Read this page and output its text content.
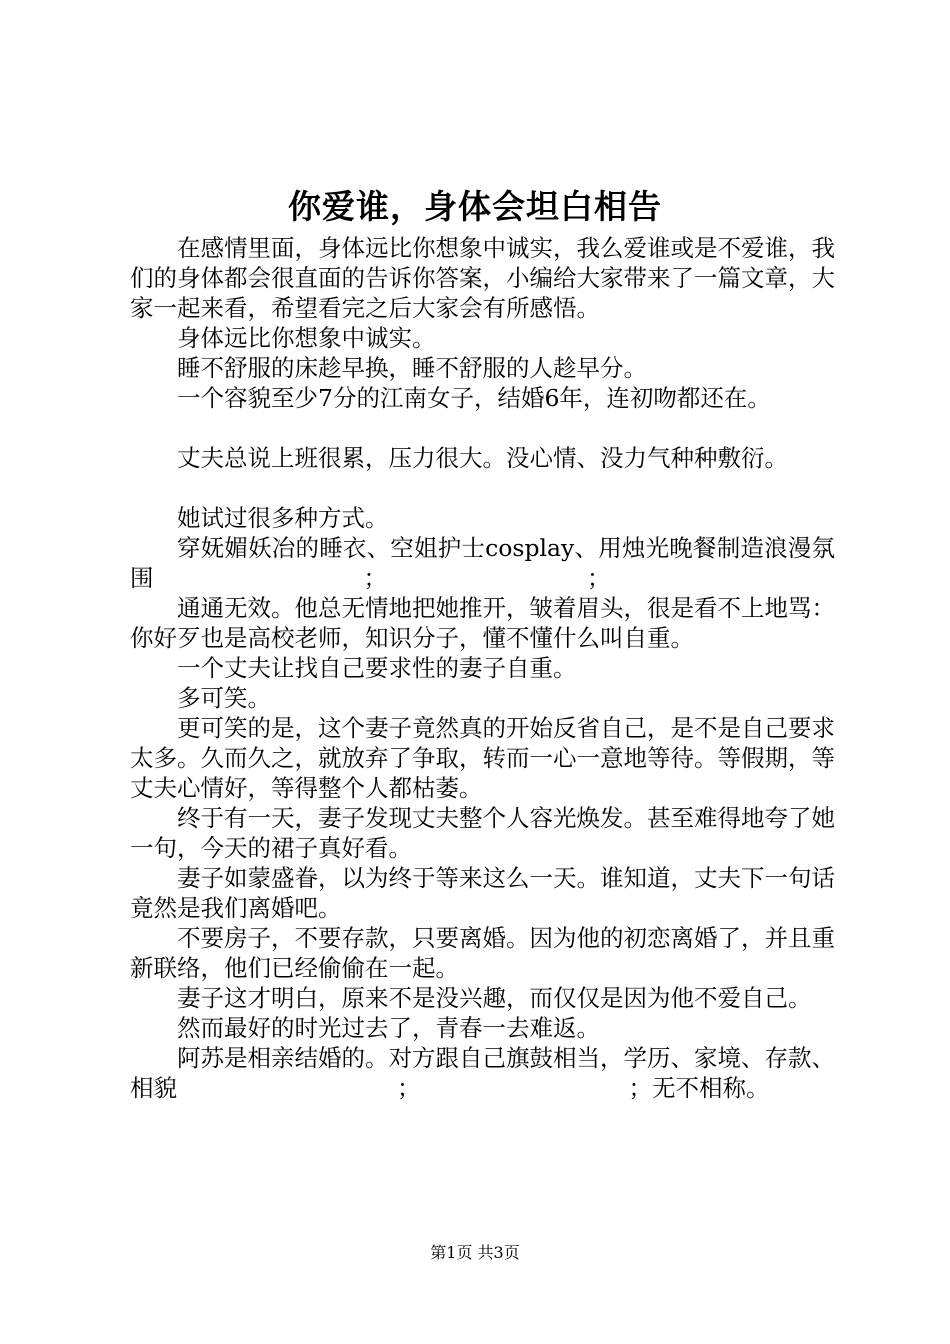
你爱谁，身体会坦白相告

在感情里面，身体远比你想象中诚实，我么爱谁或是不爱谁，我们的身体都会很直面的告诉你答案，小编给大家带来了一篇文章，大家一起来看，希望看完之后大家会有所感悟。

身体远比你想象中诚实。

睡不舒服的床趁早换，睡不舒服的人趁早分。

一个容貌至少7分的江南女子，结婚6年，连初吻都还在。

丈夫总说上班很累，压力很大。没心情、没力气种种敷衍。

她试过很多种方式。

穿妩媚妖冶的睡衣、空姐护士cosplay、用烛光晚餐制造浪漫氛围	；	；

通通无效。他总无情地把她推开，皱着眉头，很是看不上地骂：你好歹也是高校老师，知识分子，懂不懂什么叫自重。

一个丈夫让找自己要求性的妻子自重。

多可笑。

更可笑的是，这个妻子竟然真的开始反省自己，是不是自己要求太多。久而久之，就放弃了争取，转而一心一意地等待。等假期，等丈夫心情好，等得整个人都枯萎。

终于有一天，妻子发现丈夫整个人容光焕发。甚至难得地夸了她一句，今天的裙子真好看。

妻子如蒙盛眷，以为终于等来这么一天。谁知道，丈夫下一句话竟然是我们离婚吧。

不要房子，不要存款，只要离婚。因为他的初恋离婚了，并且重新联络，他们已经偷偷在一起。

妻子这才明白，原来不是没兴趣，而仅仅是因为他不爱自己。

然而最好的时光过去了，青春一去难返。

阿苏是相亲结婚的。对方跟自己旗鼓相当，学历、家境、存款、相貌	；	；无不相称。

第1页 共3页
